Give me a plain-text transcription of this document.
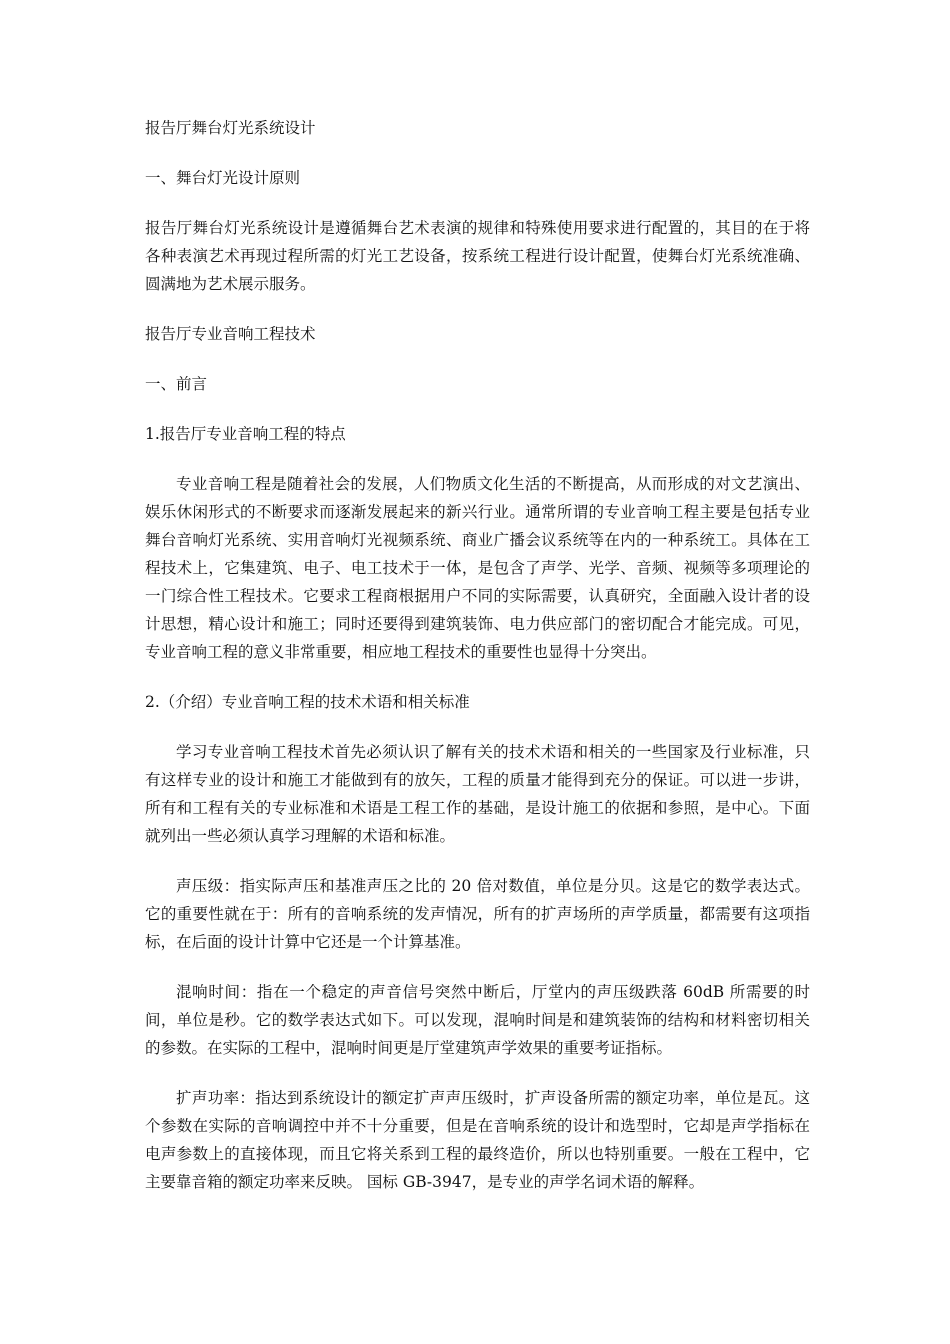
报告厅舞台灯光系统设计

一、舞台灯光设计原则

报告厅舞台灯光系统设计是遵循舞台艺术表演的规律和特殊使用要求进行配置的，其目的在于将各种表演艺术再现过程所需的灯光工艺设备，按系统工程进行设计配置，使舞台灯光系统准确、圆满地为艺术展示服务。

报告厅专业音响工程技术

一、前言

1.报告厅专业音响工程的特点

专业音响工程是随着社会的发展，人们物质文化生活的不断提高，从而形成的对文艺演出、娱乐休闲形式的不断要求而逐渐发展起来的新兴行业。通常所谓的专业音响工程主要是包括专业舞台音响灯光系统、实用音响灯光视频系统、商业广播会议系统等在内的一种系统工。具体在工程技术上，它集建筑、电子、电工技术于一体，是包含了声学、光学、音频、视频等多项理论的一门综合性工程技术。它要求工程商根据用户不同的实际需要，认真研究，全面融入设计者的设计思想，精心设计和施工；同时还要得到建筑装饰、电力供应部门的密切配合才能完成。可见，专业音响工程的意义非常重要，相应地工程技术的重要性也显得十分突出。

2.（介绍）专业音响工程的技术术语和相关标准

学习专业音响工程技术首先必须认识了解有关的技术术语和相关的一些国家及行业标准，只有这样专业的设计和施工才能做到有的放矢，工程的质量才能得到充分的保证。可以进一步讲，所有和工程有关的专业标准和术语是工程工作的基础，是设计施工的依据和参照，是中心。下面就列出一些必须认真学习理解的术语和标准。

声压级：指实际声压和基准声压之比的 20 倍对数值，单位是分贝。这是它的数学表达式。它的重要性就在于：所有的音响系统的发声情况，所有的扩声场所的声学质量，都需要有这项指标，在后面的设计计算中它还是一个计算基准。

混响时间：指在一个稳定的声音信号突然中断后，厅堂内的声压级跌落 60dB 所需要的时间，单位是秒。它的数学表达式如下。可以发现，混响时间是和建筑装饰的结构和材料密切相关的参数。在实际的工程中，混响时间更是厅堂建筑声学效果的重要考证指标。

扩声功率：指达到系统设计的额定扩声声压级时，扩声设备所需的额定功率，单位是瓦。这个参数在实际的音响调控中并不十分重要，但是在音响系统的设计和选型时，它却是声学指标在电声参数上的直接体现，而且它将关系到工程的最终造价，所以也特别重要。一般在工程中，它主要靠音箱的额定功率来反映。 国标 GB-3947，是专业的声学名词术语的解释。
